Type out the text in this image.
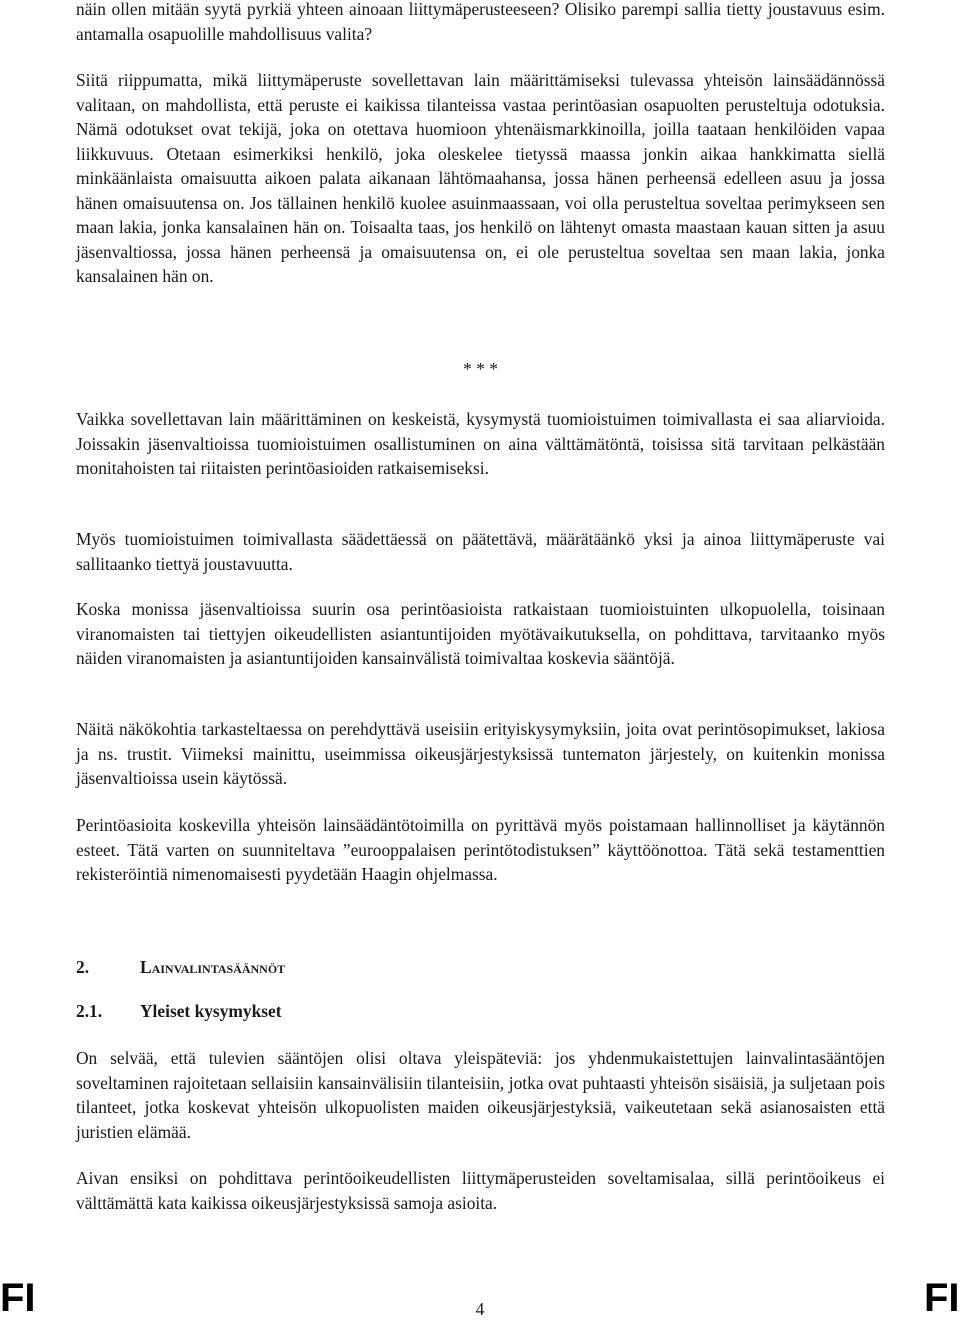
näin ollen mitään syytä pyrkiä yhteen ainoaan liittymäperusteeseen? Olisiko parempi sallia tietty joustavuus esim. antamalla osapuolille mahdollisuus valita?

Siitä riippumatta, mikä liittymäperuste sovellettavan lain määrittämiseksi tulevassa yhteisön lainsäädännössä valitaan, on mahdollista, että peruste ei kaikissa tilanteissa vastaa perintöasian osapuolten perusteltuja odotuksia. Nämä odotukset ovat tekijä, joka on otettava huomioon yhtenäismarkkinoilla, joilla taataan henkilöiden vapaa liikkuvuus. Otetaan esimerkiksi henkilö, joka oleskelee tietyssä maassa jonkin aikaa hankkimatta siellä minkäänlaista omaisuutta aikoen palata aikanaan lähtömaahansa, jossa hänen perheensä edelleen asuu ja jossa hänen omaisuutensa on. Jos tällainen henkilö kuolee asuinmaassaan, voi olla perusteltua soveltaa perimykseen sen maan lakia, jonka kansalainen hän on. Toisaalta taas, jos henkilö on lähtenyt omasta maastaan kauan sitten ja asuu jäsenvaltiossa, jossa hänen perheensä ja omaisuutensa on, ei ole perusteltua soveltaa sen maan lakia, jonka kansalainen hän on.

* * *

Vaikka sovellettavan lain määrittäminen on keskeistä, kysymystä tuomioistuimen toimivallasta ei saa aliarvioida. Joissakin jäsenvaltioissa tuomioistuimen osallistuminen on aina välttämätöntä, toisissa sitä tarvitaan pelkästään monitahoisten tai riitaisten perintöasioiden ratkaisemiseksi.

Myös tuomioistuimen toimivallasta säädettäessä on päätettävä, määrätäänkö yksi ja ainoa liittymäperuste vai sallitaanko tiettyä joustavuutta.

Koska monissa jäsenvaltioissa suurin osa perintöasioista ratkaistaan tuomioistuinten ulkopuolella, toisinaan viranomaisten tai tiettyjen oikeudellisten asiantuntijoiden myötävaikutuksella, on pohdittava, tarvitaanko myös näiden viranomaisten ja asiantuntijoiden kansainvälistä toimivaltaa koskevia sääntöjä.

Näitä näkökohtia tarkasteltaessa on perehdyttävä useisiin erityiskysymyksiin, joita ovat perintösopimukset, lakiosa ja ns. trustit. Viimeksi mainittu, useimmissa oikeusjärjestyksissä tuntematon järjestely, on kuitenkin monissa jäsenvaltioissa usein käytössä.

Perintöasioita koskevilla yhteisön lainsäädäntötoimilla on pyrittävä myös poistamaan hallinnolliset ja käytännön esteet. Tätä varten on suunniteltava ”eurooppalaisen perintötodistuksen” käyttöönottoa. Tätä sekä testamenttien rekisteröintiä nimenomaisesti pyydetään Haagin ohjelmassa.

2.	Lainvalintasäännöt
2.1. Yleiset kysymykset

On selvää, että tulevien sääntöjen olisi oltava yleispäteviä: jos yhdenmukaistettujen lainvalintasääntöjen soveltaminen rajoitetaan sellaisiin kansainvälisiin tilanteisiin, jotka ovat puhtaasti yhteisön sisäisiä, ja suljetaan pois tilanteet, jotka koskevat yhteisön ulkopuolisten maiden oikeusjärjestyksiä, vaikeutetaan sekä asianosaisten että juristien elämää.

Aivan ensiksi on pohdittava perintöoikeudellisten liittymäperusteiden soveltamisalaa, sillä perintöoikeus ei välttämättä kata kaikissa oikeusjärjestyksissä samoja asioita.

FI	4	FI
